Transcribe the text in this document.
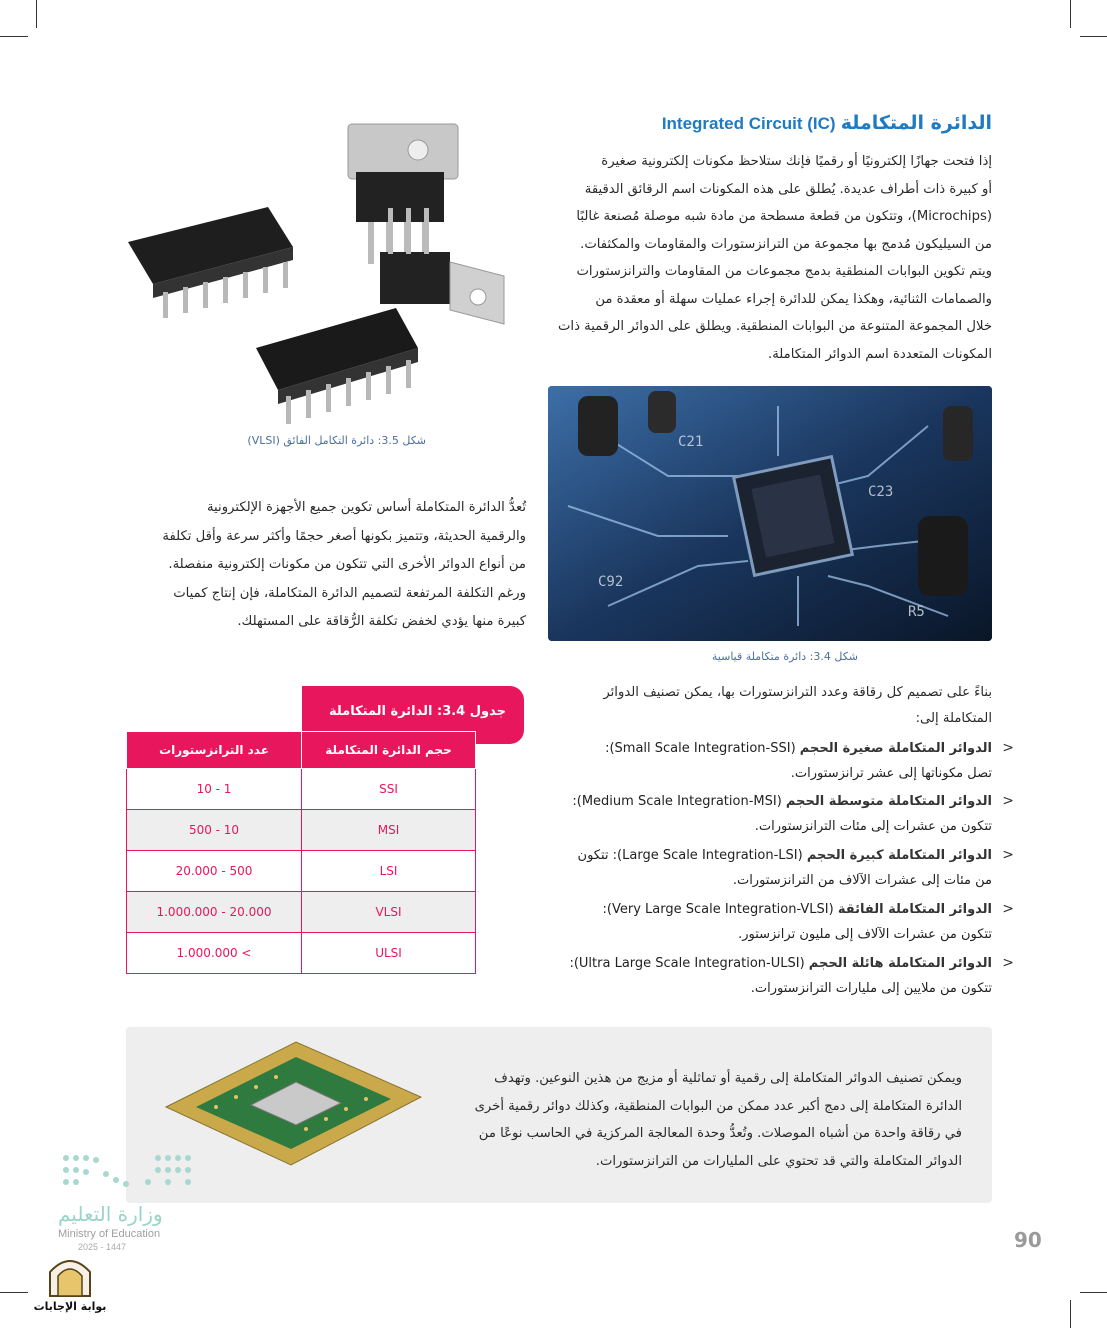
الدائرة المتكاملة Integrated Circuit (IC)
إذا فتحت جهازًا إلكترونيًا أو رقميًا فإنك ستلاحظ مكونات إلكترونية صغيرة
أو كبيرة ذات أطراف عديدة. يُطلق على هذه المكونات اسم الرقائق الدقيقة
(Microchips)، وتتكون من قطعة مسطحة من مادة شبه موصلة مُصنعة غالبًا
من السيليكون مُدمج بها مجموعة من الترانزستورات والمقاومات والمكثفات.
ويتم تكوين البوابات المنطقية بدمج مجموعات من المقاومات والترانزستورات
والصمامات الثنائية، وهكذا يمكن للدائرة إجراء عمليات سهلة أو معقدة من
خلال المجموعة المتنوعة من البوابات المنطقية. ويطلق على الدوائر الرقمية ذات
المكونات المتعددة اسم الدوائر المتكاملة.
شكل 3.5: دائرة التكامل الفائق (VLSI)	C21
C23
C92
R5
شكل 3.4: دائرة متكاملة قياسية
تُعدُّ الدائرة المتكاملة أساس تكوين جميع الأجهزة الإلكترونية
والرقمية الحديثة، وتتميز بكونها أصغر حجمًا وأكثر سرعة وأقل تكلفة
من أنواع الدوائر الأخرى التي تتكون من مكونات إلكترونية منفصلة.
ورغم التكلفة المرتفعة لتصميم الدائرة المتكاملة، فإن إنتاج كميات
كبيرة منها يؤدي لخفض تكلفة الرُّقاقة على المستهلك.
جدول 3.4: الدائرة المتكاملة
عدد الترانزستورات	حجم الدائرة المتكاملة
10 - 1	SSI
500 - 10	MSI
20.000 - 500	LSI
1.000.000 - 20.000	VLSI
1.000.000 <	ULSI
بناءً على تصميم كل رقاقة وعدد الترانزستورات بها، يمكن تصنيف الدوائر
المتكاملة إلى:
<
الدوائر المتكاملة صغيرة الحجم (Small Scale Integration-SSI):
تصل مكوناتها إلى عشر ترانزستورات.
<
الدوائر المتكاملة متوسطة الحجم (Medium Scale Integration-MSI):
تتكون من عشرات إلى مئات الترانزستورات.
<
الدوائر المتكاملة كبيرة الحجم (Large Scale Integration-LSI): تتكون
من مئات إلى عشرات الآلاف من الترانزستورات.
<
الدوائر المتكاملة الفائقة (Very Large Scale Integration-VLSI):
تتكون من عشرات الآلاف إلى مليون ترانزستور.
<
الدوائر المتكاملة هائلة الحجم (Ultra Large Scale Integration-ULSI):
تتكون من ملايين إلى مليارات الترانزستورات.
ويمكن تصنيف الدوائر المتكاملة إلى رقمية أو تماثلية أو مزيج من هذين النوعين. وتهدف
الدائرة المتكاملة إلى دمج أكبر عدد ممكن من البوابات المنطقية، وكذلك دوائر رقمية أخرى
في رقاقة واحدة من أشباه الموصلات. وتُعدُّ وحدة المعالجة المركزية في الحاسب نوعًا من
الدوائر المتكاملة والتي قد تحتوي على المليارات من الترانزستورات.
90
وزارة التعليم
Ministry of Education
2025 - 1447
بوابة الإجابات
